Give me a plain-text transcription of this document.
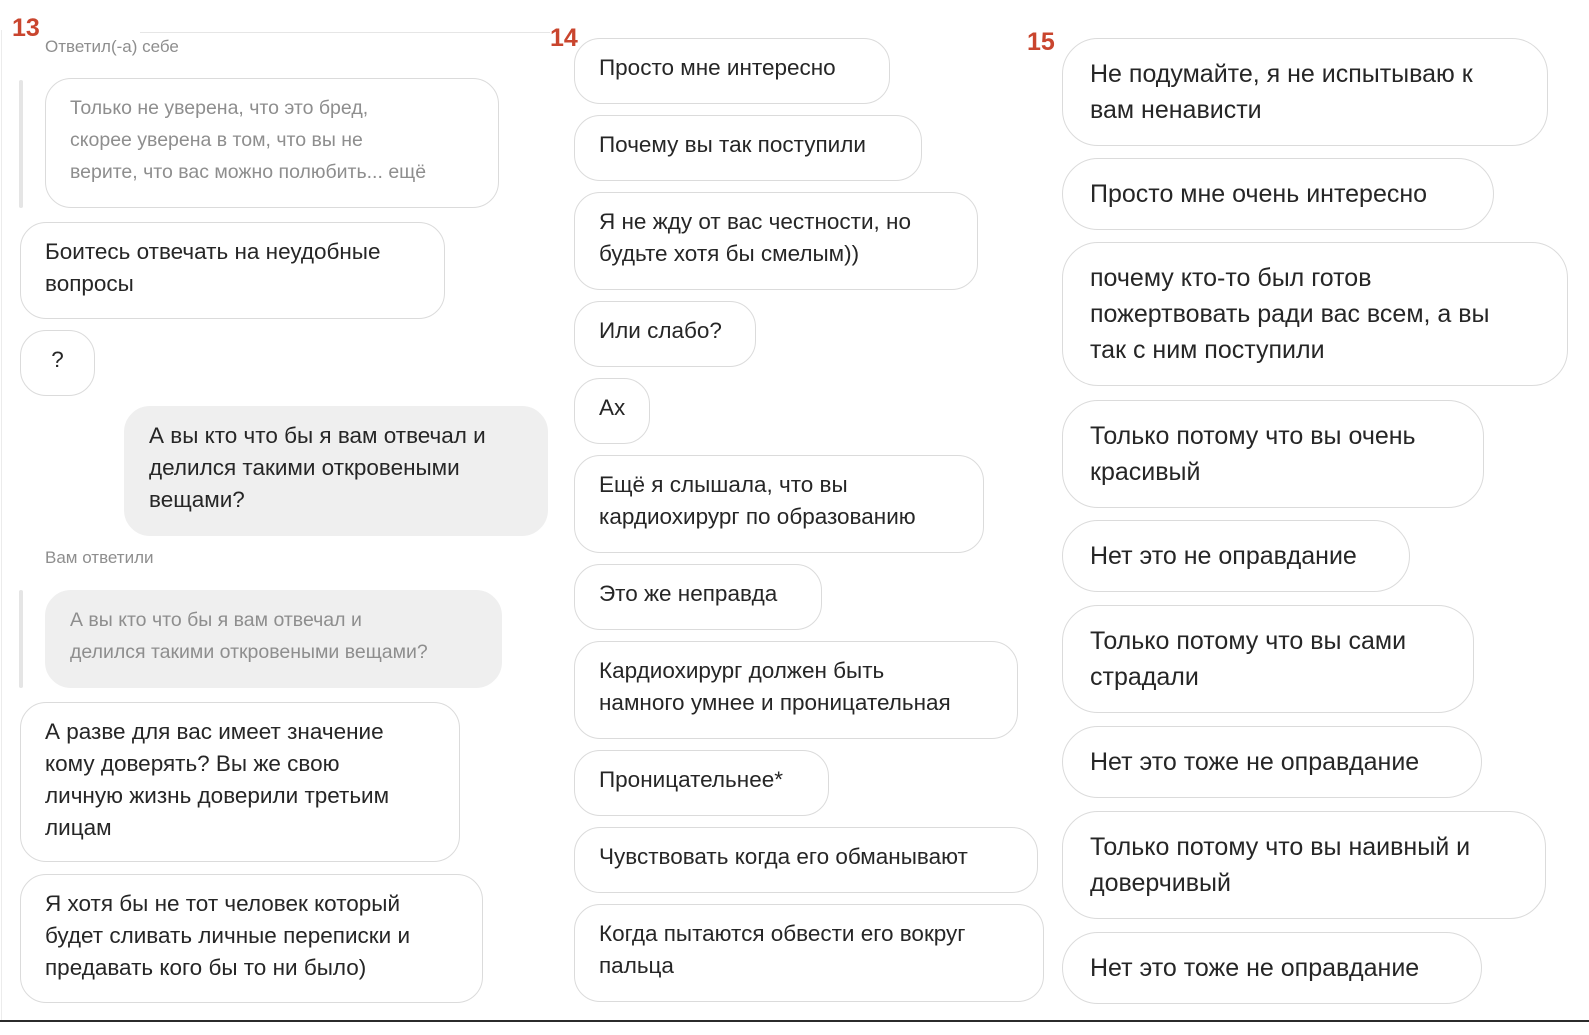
13
Ответил(-а) себе
Только не уверена, что это бред,
скорее уверена в том, что вы не
верите, что вас можно полюбить... ещё
Боитесь отвечать на неудобные
вопросы
?
А вы кто что бы я вам отвечал и
делился такими откровеными
вещами?
Вам ответили
А вы кто что бы я вам отвечал и
делился такими откровеными вещами?
А разве для вас имеет значение
кому доверять? Вы же свою
личную жизнь доверили третьим
лицам
Я хотя бы не тот человек который
будет сливать личные переписки и
предавать кого бы то ни было)
14
Просто мне интересно
Почему вы так поступили
Я не жду от вас честности, но
будьте хотя бы смелым))
Или слабо?
Ах
Ещё я слышала, что вы
кардиохирург по образованию
Это же неправда
Кардиохирург должен быть
намного умнее и проницательная
Проницательнее*
Чувствовать когда его обманывают
Когда пытаются обвести его вокруг
пальца
15
Не подумайте, я не испытываю к
вам ненависти
Просто мне очень интересно
почему кто-то был готов
пожертвовать ради вас всем, а вы
так с ним поступили
Только потому что вы очень
красивый
Нет это не оправдание
Только потому что вы сами
страдали
Нет это тоже не оправдание
Только потому что вы наивный и
доверчивый
Нет это тоже не оправдание
